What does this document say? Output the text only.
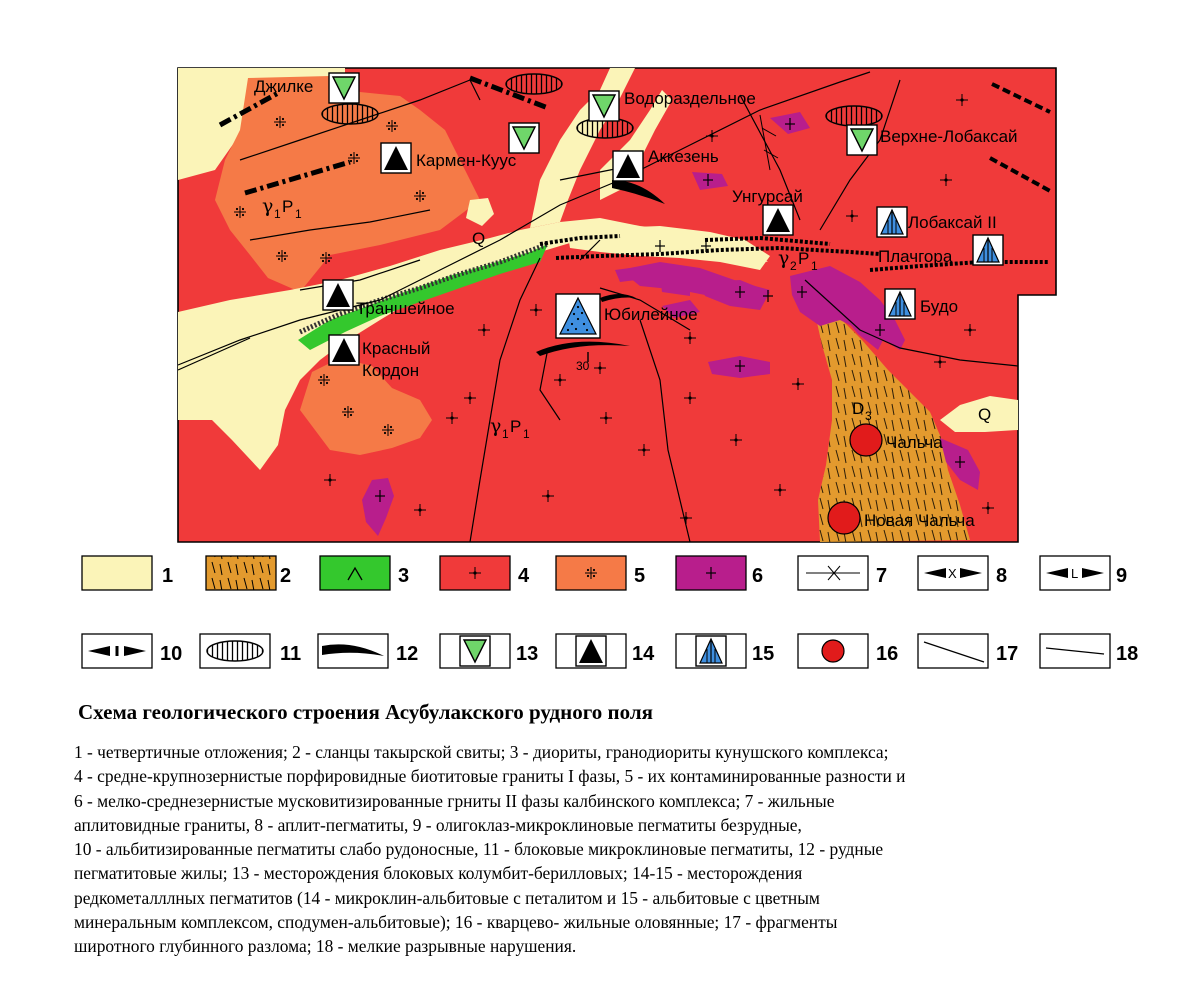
Джилке
Водораздельное
Верхне-Лобаксай
Кармен-Куус	Аккезень
Унгурсай
Лобаксай II
Плачгора
Траншейное	Юбилейное	Будо
Красный
Кордон
Чальча
Новая Чальча
Q
Q
30
γ 1 P 1
γ 1 P 1
γ 2 P 1
D 3
1	2	3	4	5	6	7	X 8	L 9
10	11	12	13	14	15	16	17	18
Схема геологического строения Асубулакского рудного поля

1 - четвертичные отложения; 2 - сланцы такырской свиты; 3 - диориты, гранодиориты кунушского комплекса;
4 - средне-крупнозернистые порфировидные биотитовые граниты I фазы, 5 - их контаминированные разности и
6 - мелко-среднезернистые мусковитизированные грниты II фазы калбинского комплекса; 7 - жильные
аплитовидные граниты, 8 - аплит-пегматиты, 9 - олигоклаз-микроклиновые пегматиты безрудные,
10 - альбитизированные пегматиты слабо рудоносные, 11 - блоковые микроклиновые пегматиты, 12 - рудные
пегматитовые жилы; 13 - месторождения блоковых колумбит-берилловых; 14-15 - месторождения
редкометалллных пегматитов (14 - микроклин-альбитовые с петалитом и 15 - альбитовые с цветным
минеральным комплексом, сподумен-альбитовые); 16 - кварцево- жильные оловянные; 17 - фрагменты
широтного глубинного разлома; 18 - мелкие разрывные нарушения.
